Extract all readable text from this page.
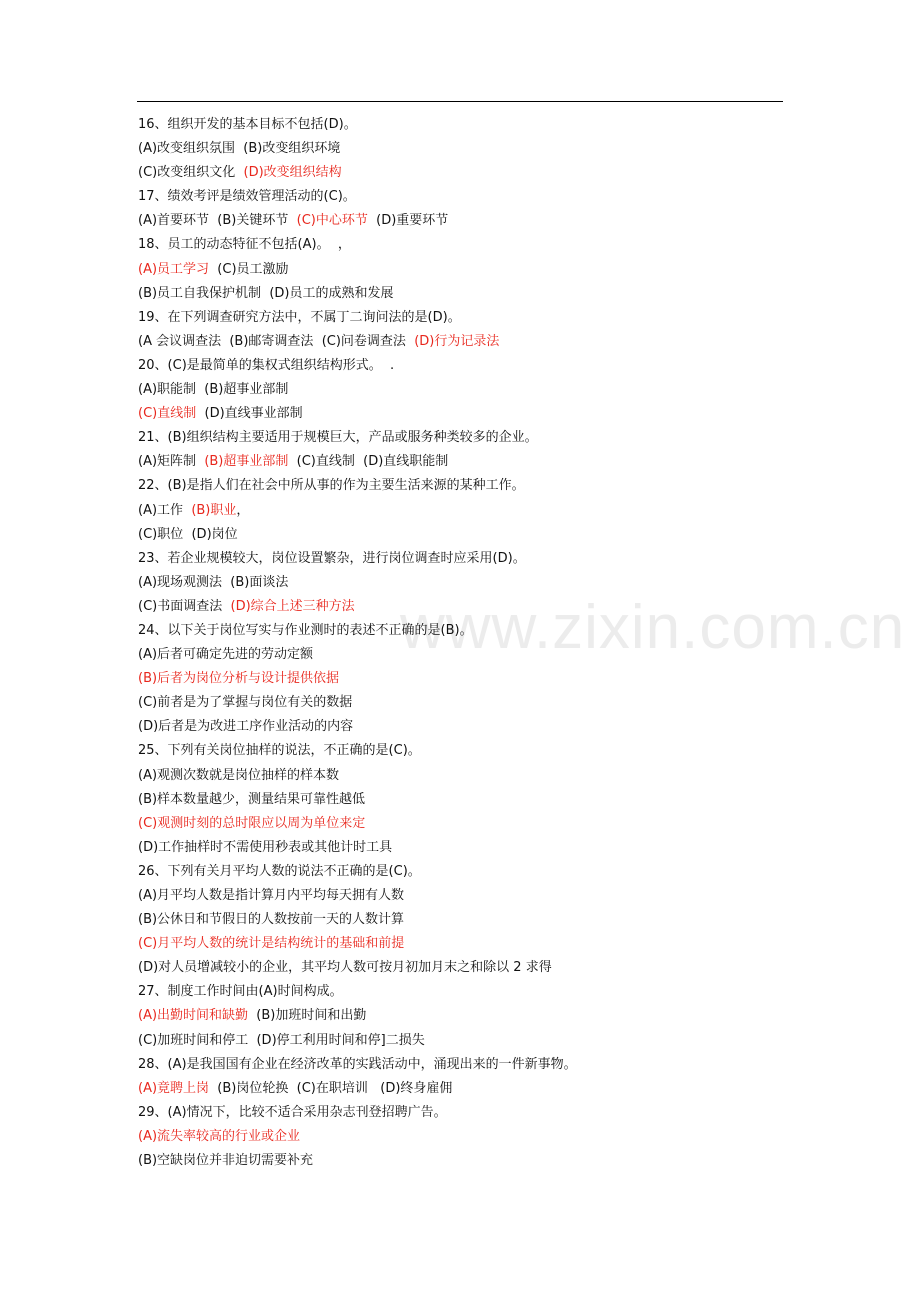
www.zixin.com.cn
16、组织开发的基本目标不包括(D)。
(A)改变组织氛围  (B)改变组织环境
(C)改变组织文化  (D)改变组织结构
17、绩效考评是绩效管理活动的(C)。
(A)首要环节  (B)关键环节  (C)中心环节  (D)重要环节
18、员工的动态特征不包括(A)。  ，
(A)员工学习  (C)员工激励
(B)员工自我保护机制  (D)员工的成熟和发展
19、在下列调查研究方法中，不属丁二询问法的是(D)。
(A 会议调查法  (B)邮寄调查法  (C)问卷调查法  (D)行为记录法
20、(C)是最简单的集权式组织结构形式。  .
(A)职能制  (B)超事业部制
(C)直线制  (D)直线事业部制
21、(B)组织结构主要适用于规模巨大，产品或服务种类较多的企业。
(A)矩阵制  (B)超事业部制  (C)直线制  (D)直线职能制
22、(B)是指人们在社会中所从事的作为主要生活来源的某种工作。
(A)工作  (B)职业，
(C)职位  (D)岗位
23、若企业规模较大，岗位设置繁杂，进行岗位调查时应采用(D)。
(A)现场观测法  (B)面谈法
(C)书面调查法  (D)综合上述三种方法
24、以下关于岗位写实与作业测时的表述不正确的是(B)。
(A)后者可确定先进的劳动定额
(B)后者为岗位分析与设计提供依据
(C)前者是为了掌握与岗位有关的数据
(D)后者是为改进工序作业活动的内容
25、下列有关岗位抽样的说法，不正确的是(C)。
(A)观测次数就是岗位抽样的样本数
(B)样本数量越少，测量结果可靠性越低
(C)观测时刻的总时限应以周为单位来定
(D)工作抽样时不需使用秒表或其他计时工具
26、下列有关月平均人数的说法不正确的是(C)。
(A)月平均人数是指计算月内平均每天拥有人数
(B)公休日和节假日的人数按前一天的人数计算
(C)月平均人数的统计是结构统计的基础和前提
(D)对人员增减较小的企业，其平均人数可按月初加月末之和除以 2 求得
27、制度工作时间由(A)时间构成。
(A)出勤时间和缺勤  (B)加班时间和出勤
(C)加班时间和停工  (D)停工利用时间和停]二损失
28、(A)是我国国有企业在经济改革的实践活动中，涌现出来的一件新事物。
(A)竟聘上岗  (B)岗位轮换  (C)在职培训   (D)终身雇佣
29、(A)情况下，比较不适合采用杂志刊登招聘广告。
(A)流失率较高的行业或企业
(B)空缺岗位并非迫切需要补充
